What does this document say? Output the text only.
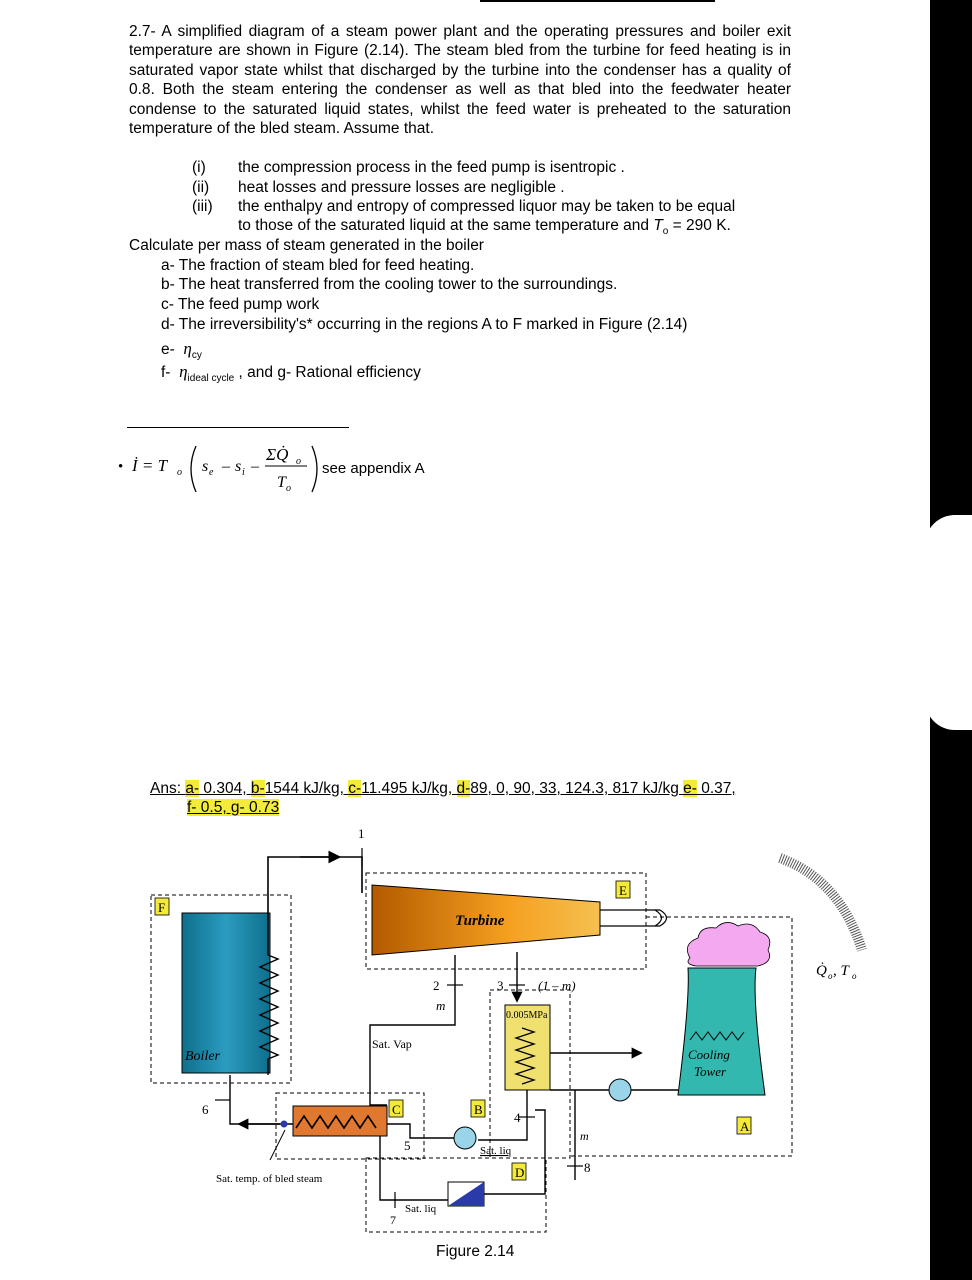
2.7- A simplified diagram of a steam power plant and the operating pressures and boiler exit temperature are shown in Figure (2.14). The steam bled from the turbine for feed heating is in saturated vapor state whilst that discharged by the turbine into the condenser has a quality of 0.8. Both the steam entering the condenser as well as that bled into the feedwater heater condense to the saturated liquid states, whilst the feed water is preheated to the saturation temperature of the bled steam. Assume that.
(i) the compression process in the feed pump is isentropic .
(ii) heat losses and pressure losses are negligible .
(iii) the enthalpy and entropy of compressed liquor may be taken to be equal
to those of the saturated liquid at the same temperature and $T_o = 290$ K.
Calculate per mass of steam generated in the boiler
a- The fraction of steam bled for feed heating.
b- The heat transferred from the cooling tower to the surroundings.
c- The feed pump work
d- The irreversibility's* occurring in the regions A to F marked in Figure (2.14)
e- $\eta_{cy}$
f- $\eta_{ideal cycle}$ , and g- Rational efficiency
• İ = T o s e – s i –
ΣQ̇ o
T o
see appendix A
Ans: a- 0.304, b-1544 kJ/kg, c-11.495 kJ/kg, d-89, 0, 90, 33, 124.3, 817 kJ/kg e- 0.37,
f- 0.5, g- 0.73
Boiler
1
Turbine
E
2
m
Sat. Vap
3	(1 – m)
0.005MPa
Cooling
Tower
A
Q̇ o , T o
4
Sat. liq
B
C
5
6
Sat. temp. of bled steam
7
Sat. liq
D	8
m
F
Figure 2.14
